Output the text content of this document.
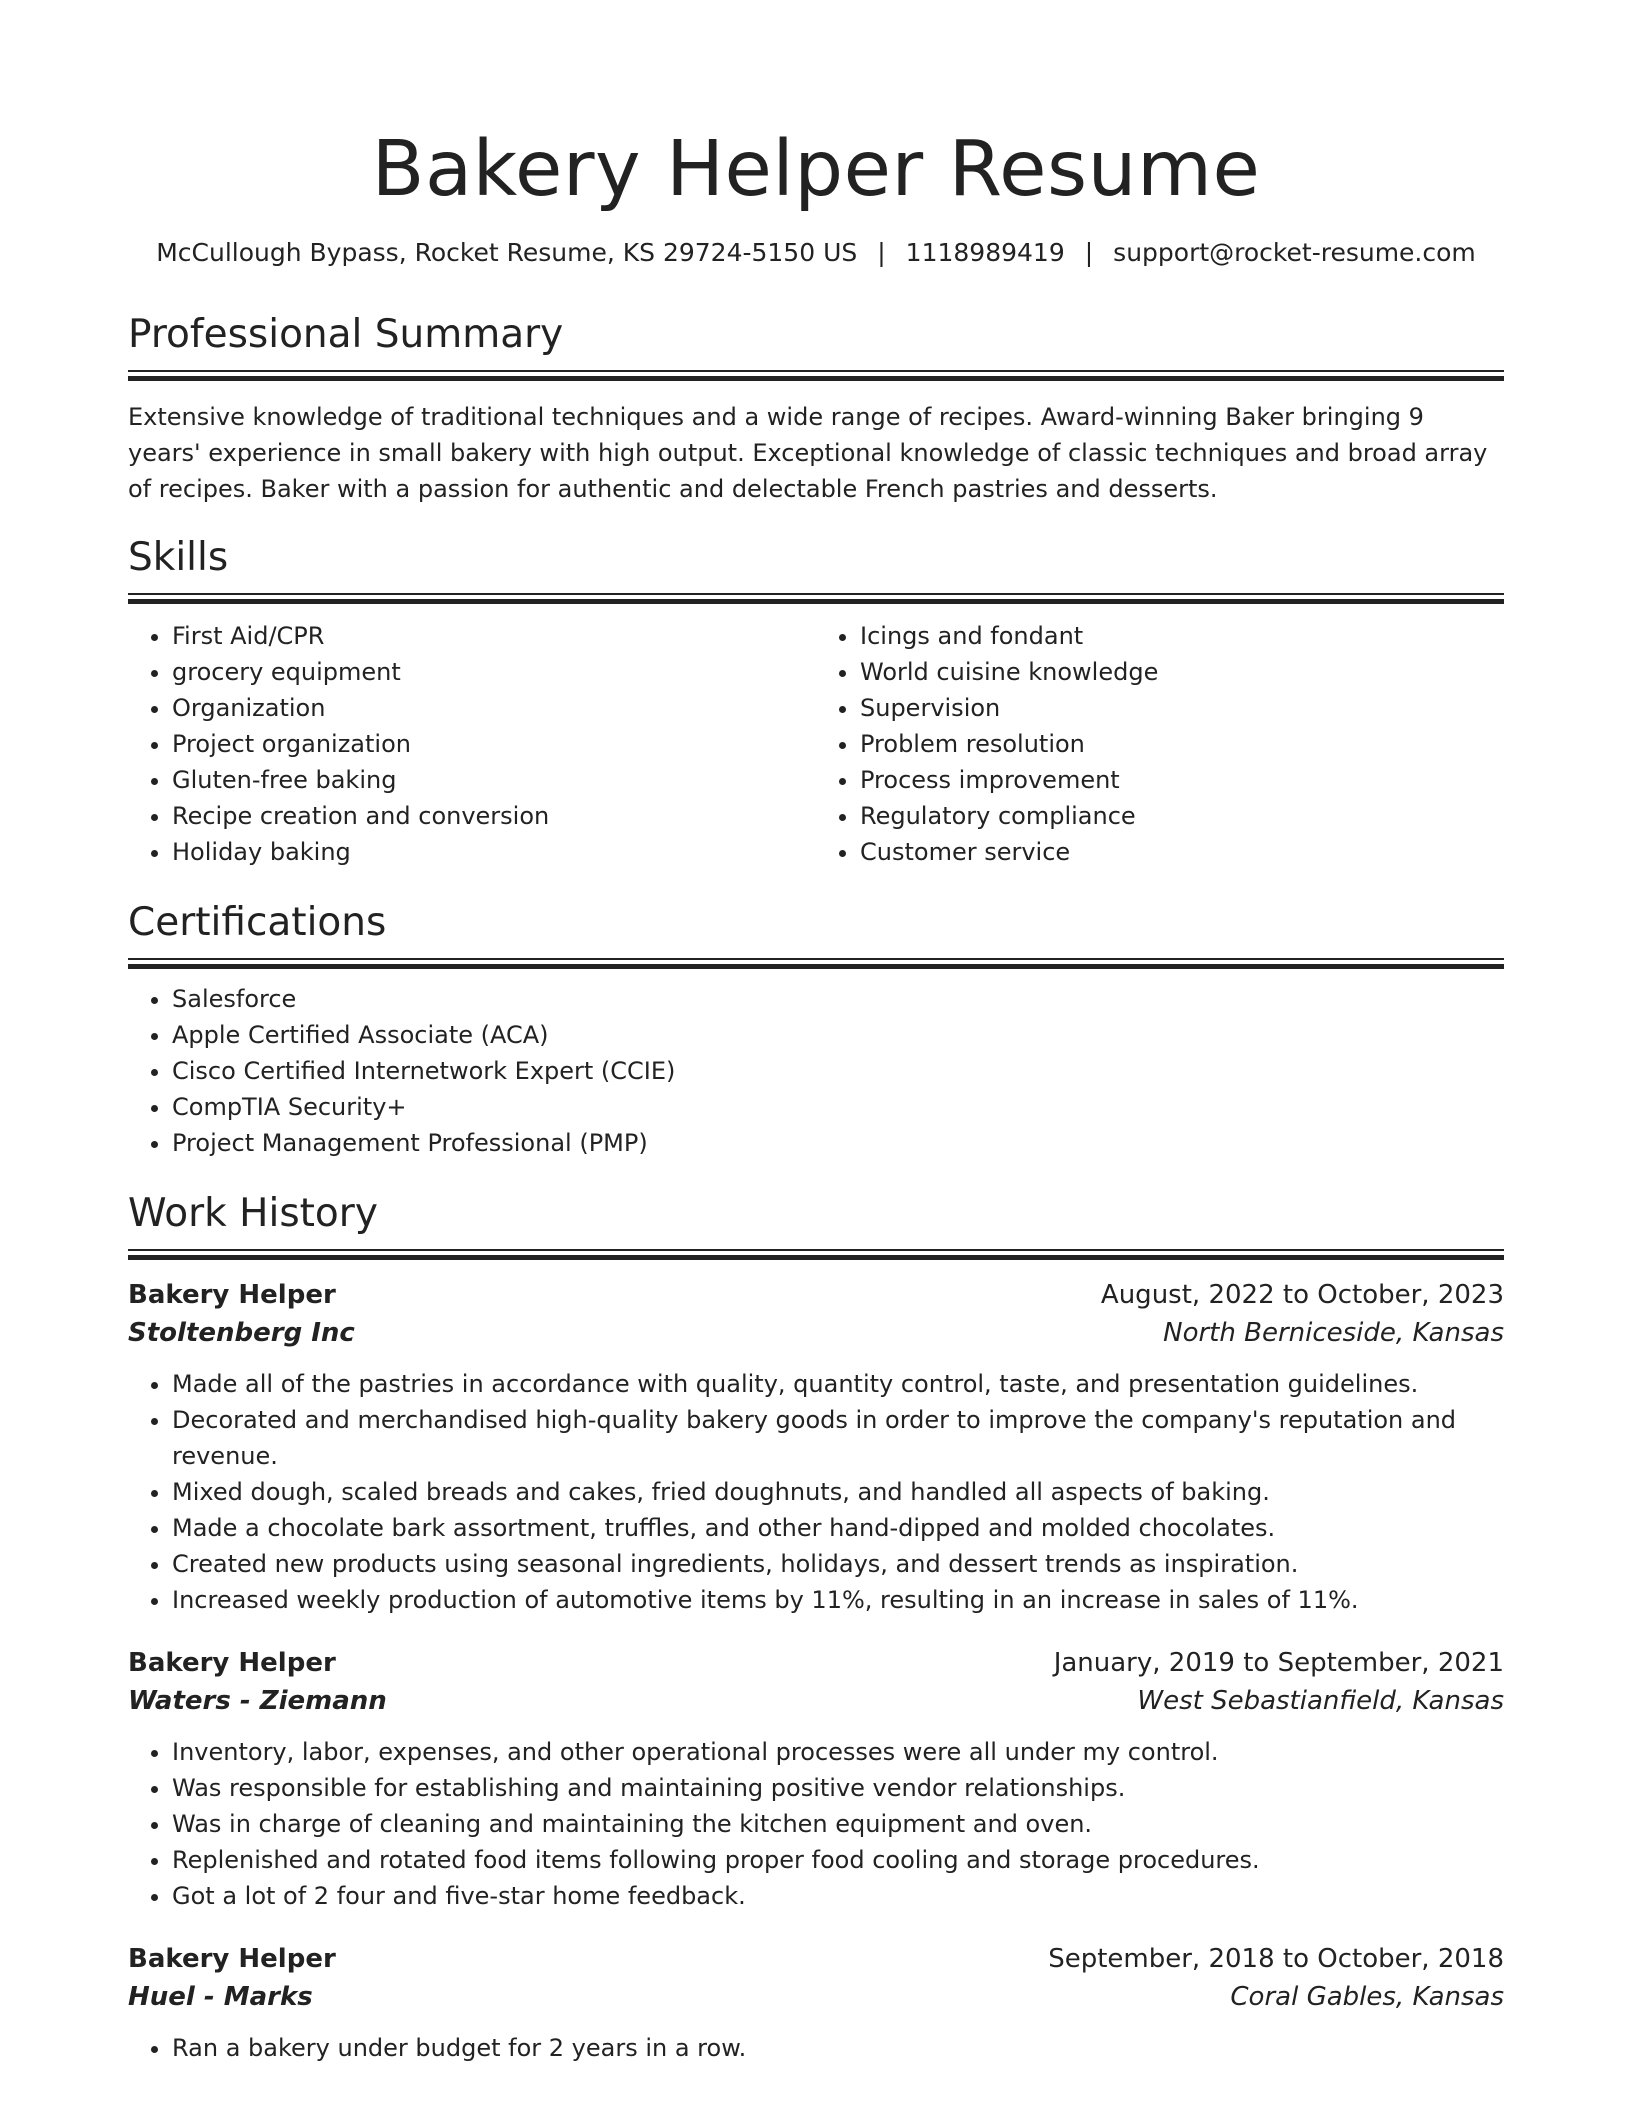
Bakery Helper Resume
McCullough Bypass, Rocket Resume, KS 29724-5150 US | 1118989419 | support@rocket-resume.com
Professional Summary

Extensive knowledge of traditional techniques and a wide range of recipes. Award-winning Baker bringing 9 years' experience in small bakery with high output. Exceptional knowledge of classic techniques and broad array of recipes. Baker with a passion for authentic and delectable French pastries and desserts.

Skills
• First Aid/CPR
• grocery equipment
• Organization
• Project organization
• Gluten-free baking
• Recipe creation and conversion
• Holiday baking
• Icings and fondant
• World cuisine knowledge
• Supervision
• Problem resolution
• Process improvement
• Regulatory compliance
• Customer service
Certifications
• Salesforce
• Apple Certified Associate (ACA)
• Cisco Certified Internetwork Expert (CCIE)
• CompTIA Security+
• Project Management Professional (PMP)
Work History
Bakery Helper	August, 2022 to October, 2023
Stoltenberg Inc	North Berniceside, Kansas
• Made all of the pastries in accordance with quality, quantity control, taste, and presentation guidelines.
• Decorated and merchandised high-quality bakery goods in order to improve the company's reputation and revenue.
• Mixed dough, scaled breads and cakes, fried doughnuts, and handled all aspects of baking.
• Made a chocolate bark assortment, truffles, and other hand-dipped and molded chocolates.
• Created new products using seasonal ingredients, holidays, and dessert trends as inspiration.
• Increased weekly production of automotive items by 11%, resulting in an increase in sales of 11%.
Bakery Helper	January, 2019 to September, 2021
Waters - Ziemann	West Sebastianfield, Kansas
• Inventory, labor, expenses, and other operational processes were all under my control.
• Was responsible for establishing and maintaining positive vendor relationships.
• Was in charge of cleaning and maintaining the kitchen equipment and oven.
• Replenished and rotated food items following proper food cooling and storage procedures.
• Got a lot of 2 four and five-star home feedback.
Bakery Helper	September, 2018 to October, 2018
Huel - Marks	Coral Gables, Kansas
• Ran a bakery under budget for 2 years in a row.
